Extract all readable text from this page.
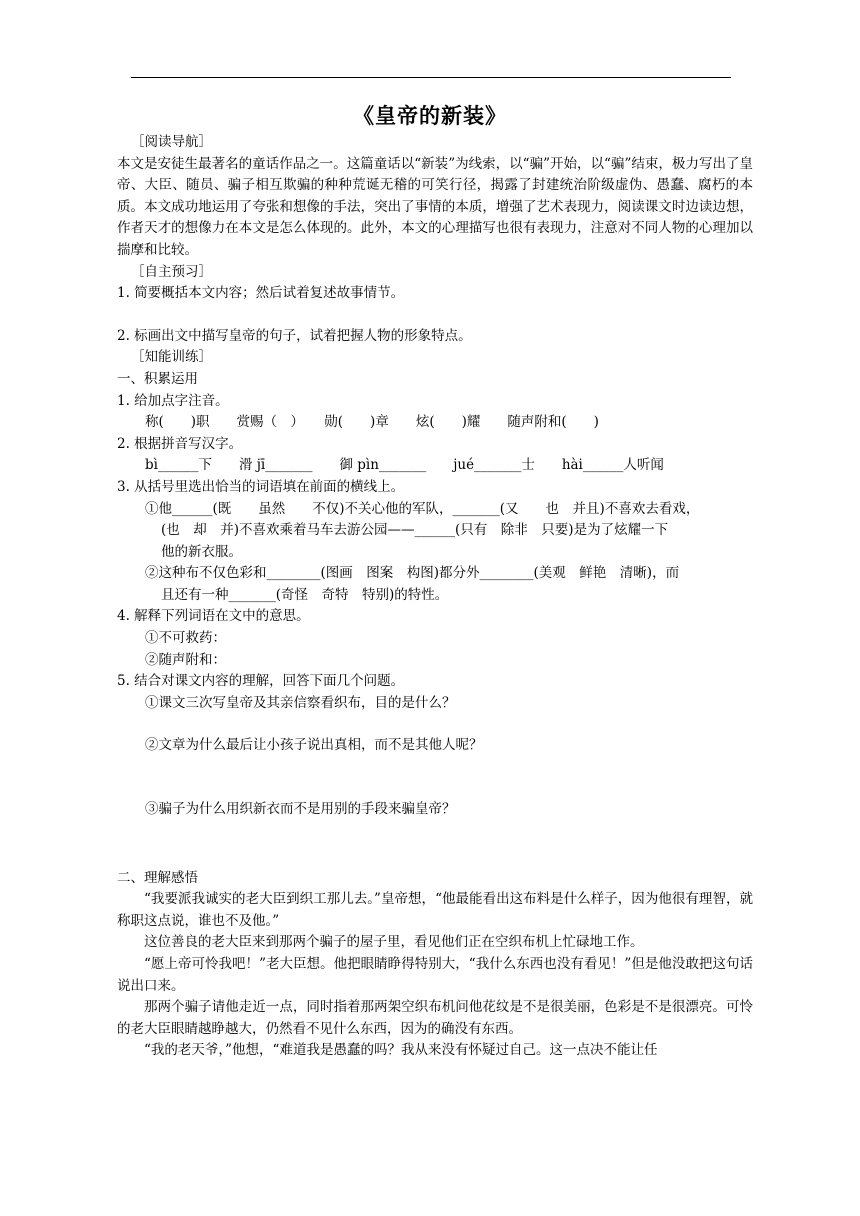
《皇帝的新装》

［阅读导航］

本文是安徒生最著名的童话作品之一。这篇童话以“新装”为线索，以“骗”开始，以“骗”结束，极力写出了皇帝、大臣、随员、骗子相互欺骗的种种荒诞无稽的可笑行径，揭露了封建统治阶级虚伪、愚蠢、腐朽的本质。本文成功地运用了夸张和想像的手法，突出了事情的本质，增强了艺术表现力，阅读课文时边读边想，作者天才的想像力在本文是怎么体现的。此外，本文的心理描写也很有表现力，注意对不同人物的心理加以揣摩和比较。

［自主预习］

1. 简要概括本文内容；然后试着复述故事情节。

2. 标画出文中描写皇帝的句子，试着把握人物的形象特点。

［知能训练］

一、积累运用

1. 给加点字注音。

称(　　)职　　赏赐（　）　　勋(　　)章　　炫(　　)耀　　随声附和(　　)

2. 根据拼音写汉字。

bì______下　　滑 jī_______　　御 pìn_______　　jué_______士　　hài______人听闻

3. 从括号里选出恰当的词语填在前面的横线上。

①他______(既　　虽然　　不仅)不关心他的军队，_______(又　　也　并且)不喜欢去看戏，

(也　却　并)不喜欢乘着马车去游公园——______(只有　除非　只要)是为了炫耀一下

他的新衣服。

②这种布不仅色彩和________(图画　图案　构图)都分外________(美观　鲜艳　清晰)，而

且还有一种_______(奇怪　奇特　特别)的特性。

4. 解释下列词语在文中的意思。

①不可救药：

②随声附和：

5. 结合对课文内容的理解，回答下面几个问题。

①课文三次写皇帝及其亲信察看织布，目的是什么？

②文章为什么最后让小孩子说出真相，而不是其他人呢？

③骗子为什么用织新衣而不是用别的手段来骗皇帝？

二、理解感悟

“我要派我诚实的老大臣到织工那儿去。”皇帝想，“他最能看出这布料是什么样子，因为他很有理智，就称职这点说，谁也不及他。”

这位善良的老大臣来到那两个骗子的屋子里，看见他们正在空织布机上忙碌地工作。

“愿上帝可怜我吧！”老大臣想。他把眼睛睁得特别大，“我什么东西也没有看见！”但是他没敢把这句话说出口来。

那两个骗子请他走近一点，同时指着那两架空织布机问他花纹是不是很美丽，色彩是不是很漂亮。可怜的老大臣眼睛越睁越大，仍然看不见什么东西，因为的确没有东西。

“我的老天爷，”他想，“难道我是愚蠢的吗？我从来没有怀疑过自己。这一点决不能让任
